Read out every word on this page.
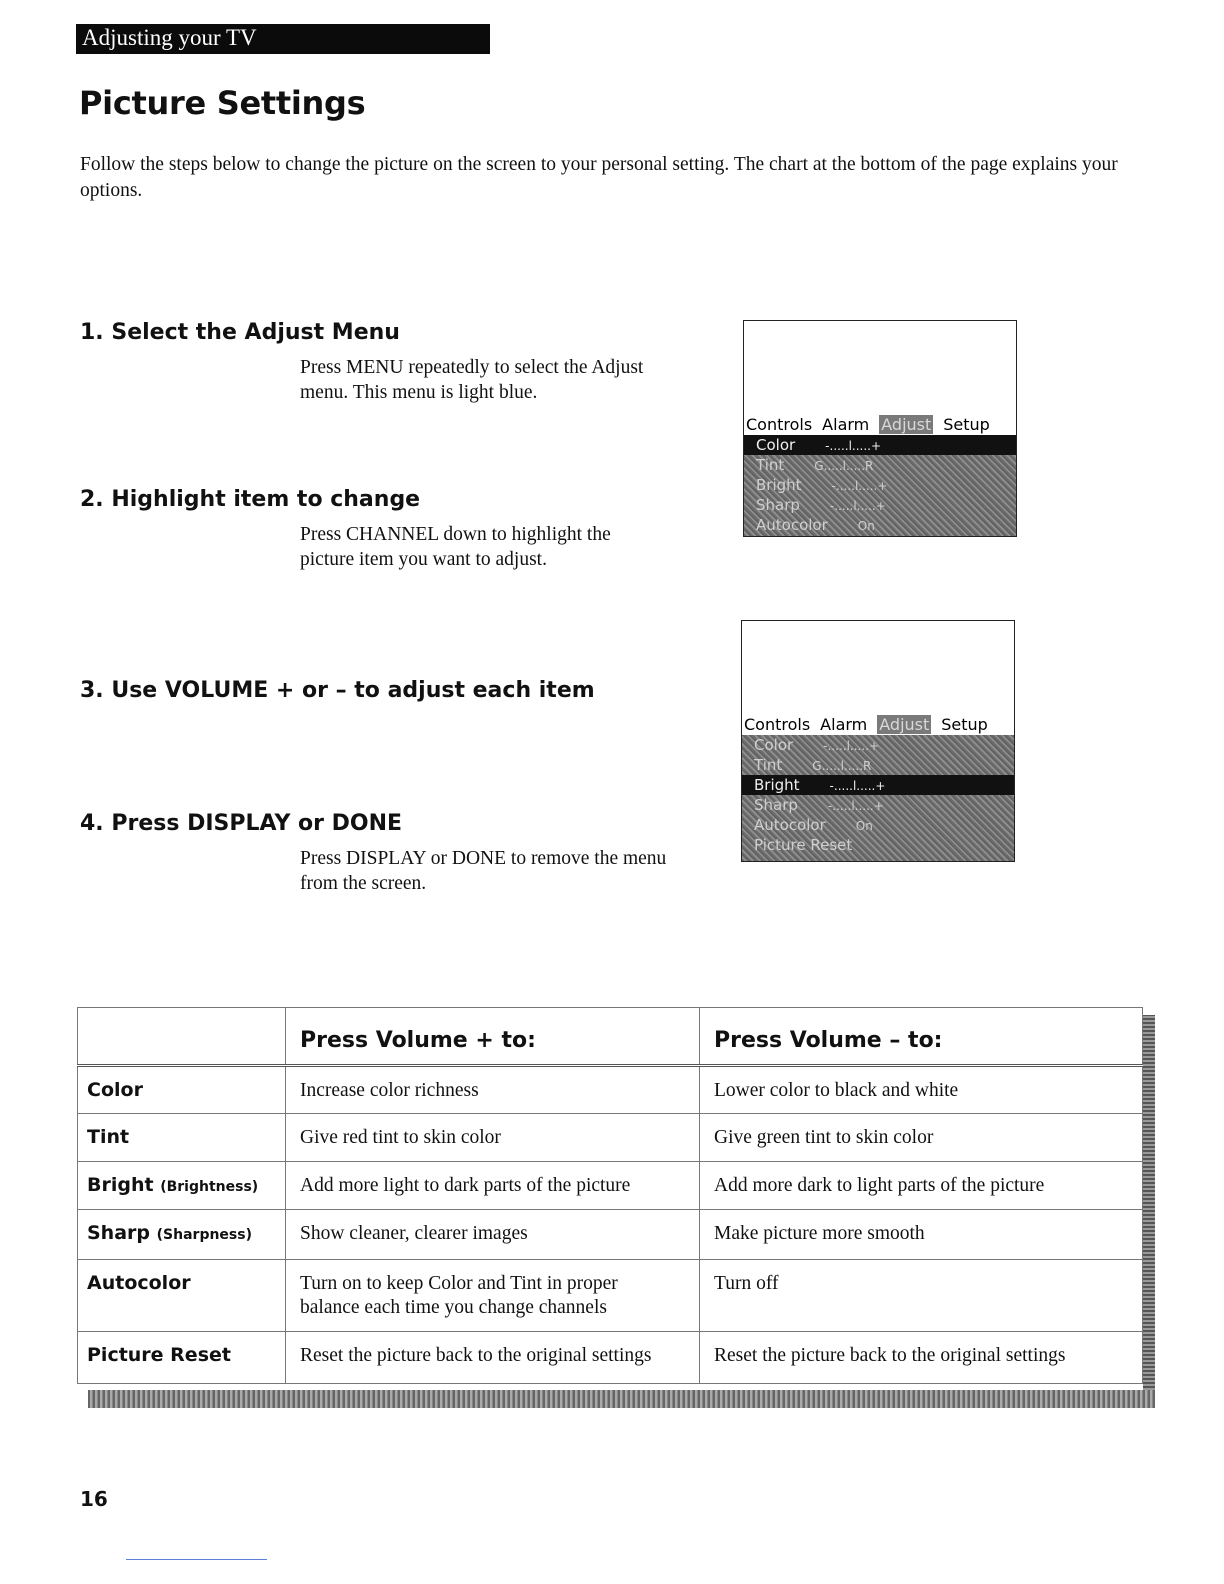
Adjusting your TV
Picture Settings

Follow the steps below to change the picture on the screen to your personal setting. The chart at the bottom of the page explains your options.

1. Select the Adjust Menu

Press MENU repeatedly to select the Adjust
menu. This menu is light blue.

2. Highlight item to change

Press CHANNEL down to highlight the
picture item you want to adjust.

3. Use VOLUME + or – to adjust each item
4. Press DISPLAY or DONE

Press DISPLAY or DONE to remove the menu
from the screen.

Controls Alarm Adjust Setup
Color	-.....l.....+
Tint	G.....l.....R
Bright	-.....l.....+
Sharp	-.....l.....+
Autocolor	On
Controls Alarm Adjust Setup
Color	-.....l.....+
Tint	G.....l.....R
Bright	-.....l.....+
Sharp	-.....l.....+
Autocolor	On
Picture Reset
	Press Volume + to:	Press Volume – to:
Color	Increase color richness	Lower color to black and white
Tint	Give red tint to skin color	Give green tint to skin color
Bright (Brightness)	Add more light to dark parts of the picture	Add more dark to light parts of the picture
Sharp (Sharpness)	Show cleaner, clearer images	Make picture more smooth
Autocolor	Turn on to keep Color and Tint in proper
balance each time you change channels	Turn off
Picture Reset	Reset the picture back to the original settings	Reset the picture back to the original settings
16
